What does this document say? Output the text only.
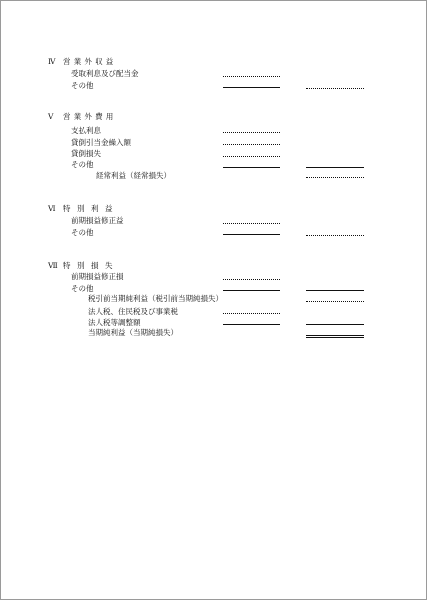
Ⅳ 営業外収益
受取利息及び配当金
その他
Ⅴ 営業外費用
支払利息
貸倒引当金繰入額
貸倒損失
その他
経常利益（経常損失）
Ⅵ 特別利益
前期損益修正益
その他
Ⅶ 特別損失
前期損益修正損
その他
税引前当期純利益（税引前当期純損失）
法人税、住民税及び事業税
法人税等調整額
当期純利益（当期純損失）
